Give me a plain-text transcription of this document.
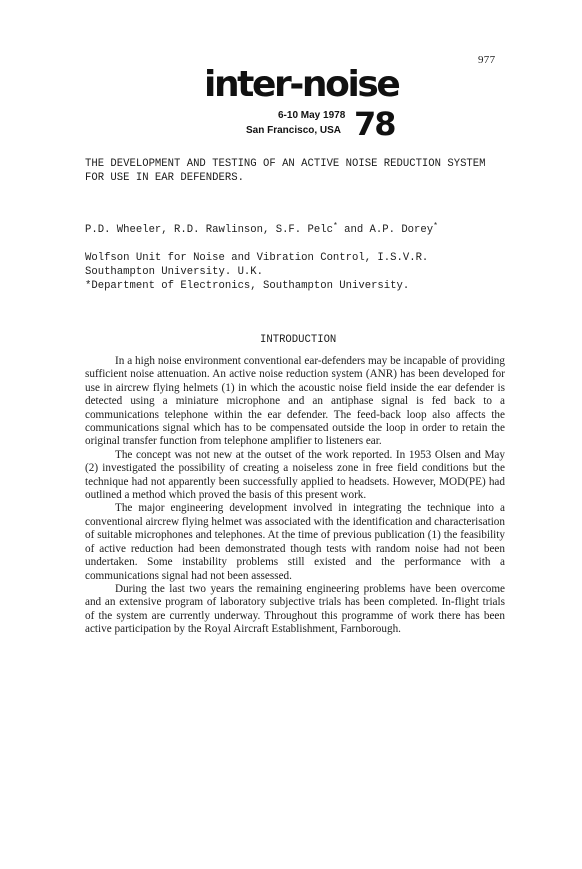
977
inter-noise
6-10 May 1978
San Francisco, USA 78
THE DEVELOPMENT AND TESTING OF AN ACTIVE NOISE REDUCTION SYSTEM
FOR USE IN EAR DEFENDERS.
P.D. Wheeler, R.D. Rawlinson, S.F. Pelc* and A.P. Dorey*
Wolfson Unit for Noise and Vibration Control, I.S.V.R.
Southampton University. U.K.
*Department of Electronics, Southampton University.
INTRODUCTION

In a high noise environment conventional ear-defenders may be incapable of providing sufficient noise attenuation. An active noise reduction system (ANR) has been developed for use in aircrew flying helmets (1) in which the acoustic noise field inside the ear defender is detected using a miniature microphone and an antiphase signal is fed back to a communications telephone within the ear defender. The feed-back loop also affects the communications signal which has to be compensated outside the loop in order to retain the original transfer function from telephone amplifier to listeners ear.

The concept was not new at the outset of the work reported. In 1953 Olsen and May (2) investigated the possibility of creating a noiseless zone in free field conditions but the technique had not apparently been successfully applied to headsets. However, MOD(PE) had outlined a method which proved the basis of this present work.

The major engineering development involved in integrating the technique into a conventional aircrew flying helmet was associated with the identification and characterisation of suitable microphones and telephones. At the time of previous publication (1) the feasibility of active reduction had been demonstrated though tests with random noise had not been undertaken. Some instability problems still existed and the performance with a communications signal had not been assessed.

During the last two years the remaining engineering problems have been overcome and an extensive program of laboratory subjective trials has been completed. In-flight trials of the system are currently underway. Throughout this programme of work there has been active participation by the Royal Aircraft Establishment, Farnborough.
